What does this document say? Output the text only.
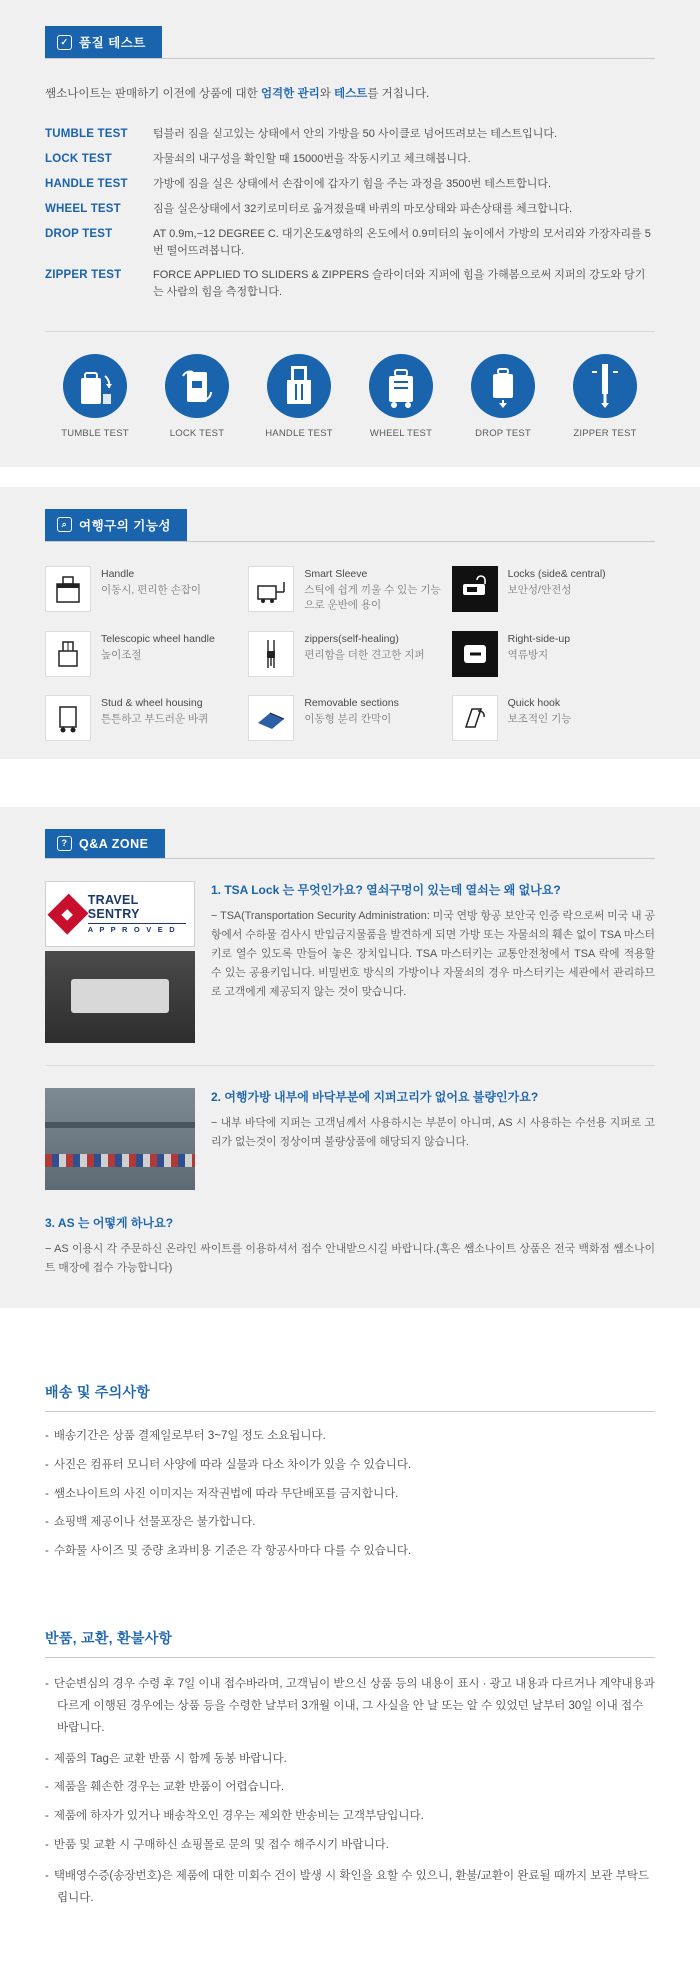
✓ 품질 테스트

쌤소나이트는 판매하기 이전에 상품에 대한 엄격한 관리와 테스트를 거칩니다.

TUMBLE TEST	텀블러 짐을 싣고있는 상태에서 안의 가방을 50 사이클로 넘어뜨려보는 테스트입니다.
LOCK TEST	자물쇠의 내구성을 확인할 때 15000번을 작동시키고 체크해봅니다.
HANDLE TEST	가방에 짐을 실은 상태에서 손잡이에 갑자기 힘을 주는 과정을 3500번 테스트합니다.
WHEEL TEST	짐을 실은상태에서 32키로미터로 옮겨졌을때 바퀴의 마모상태와 파손상태를 체크합니다.
DROP TEST	AT 0.9m,−12 DEGREE C. 대기온도&영하의 온도에서 0.9미터의 높이에서 가방의 모서리와 가장자리를 5번 떨어뜨려봅니다.
ZIPPER TEST	FORCE APPLIED TO SLIDERS & ZIPPERS 슬라이더와 지퍼에 힘을 가해봄으로써 지퍼의 강도와 당기는 사람의 힘을 측정합니다.
TUMBLE TEST	LOCK TEST	HANDLE TEST	WHEEL TEST	DROP TEST	ZIPPER TEST
⌕ 여행구의 기능성
Handle
이동시, 편리한 손잡이
Smart Sleeve
스틱에 쉽게 끼울 수 있는 기능으로 운반에 용이
Locks (side& central)
보안성/안전성
Telescopic wheel handle
높이조절
zippers(self-healing)
편리함을 더한 견고한 지퍼
Right-side-up
역류방지
Stud & wheel housing
튼튼하고 부드러운 바퀴
Removable sections
이동형 분리 칸막이
Quick hook
보조적인 기능
? Q&A ZONE
◆
TRAVEL SENTRY
A P P R O V E D
1. TSA Lock 는 무엇인가요? 열쇠구멍이 있는데 열쇠는 왜 없나요?
− TSA(Transportation Security Administration: 미국 연방 항공 보안국 인증 락으로써 미국 내 공항에서 수하물 검사시 반입금지물품을 발견하게 되면 가방 또는 자물쇠의 훼손 없이 TSA 마스터키로 열수 있도록 만들어 놓은 장치입니다. TSA 마스터키는 교통안전청에서 TSA 락에 적용할 수 있는 공용키입니다. 비밀번호 방식의 가방이나 자물쇠의 경우 마스터키는 세관에서 관리하므로 고객에게 제공되지 않는 것이 맞습니다.
2. 여행가방 내부에 바닥부분에 지퍼고리가 없어요 불량인가요?
− 내부 바닥에 지퍼는 고객님께서 사용하시는 부분이 아니며, AS 시 사용하는 수선용 지퍼로 고리가 없는것이 정상이며 불량상품에 해당되지 않습니다.
3. AS 는 어떻게 하나요?
− AS 이용시 각 주문하신 온라인 싸이트를 이용하셔서 접수 안내받으시길 바랍니다.(혹은 쌤소나이트 상품은 전국 백화점 쌤소나이트 매장에 접수 가능합니다)
배송 및 주의사항
- 배송기간은 상품 결제일로부터 3~7일 정도 소요됩니다.
- 사진은 컴퓨터 모니터 사양에 따라 실물과 다소 차이가 있을 수 있습니다.
- 쌤소나이트의 사진 이미지는 저작권법에 따라 무단배포를 금지합니다.
- 쇼핑백 제공이나 선물포장은 불가합니다.
- 수화물 사이즈 및 중량 초과비용 기준은 각 항공사마다 다를 수 있습니다.
반품, 교환, 환불사항
- 단순변심의 경우 수령 후 7일 이내 접수바라며, 고객님이 받으신 상품 등의 내용이 표시 · 광고 내용과 다르거나 계약내용과 다르게 이행된 경우에는 상품 등을 수령한 날부터 3개월 이내, 그 사실을 안 날 또는 알 수 있었던 날부터 30일 이내 접수 바랍니다.
- 제품의 Tag은 교환 반품 시 함께 동봉 바랍니다.
- 제품을 훼손한 경우는 교환 반품이 어렵습니다.
- 제품에 하자가 있거나 배송착오인 경우는 제외한 반송비는 고객부담입니다.
- 반품 및 교환 시 구매하신 쇼핑몰로 문의 및 접수 해주시기 바랍니다.
- 택배영수증(송장번호)은 제품에 대한 미회수 건이 발생 시 확인을 요할 수 있으니, 환불/교환이 완료될 때까지 보관 부탁드립니다.
